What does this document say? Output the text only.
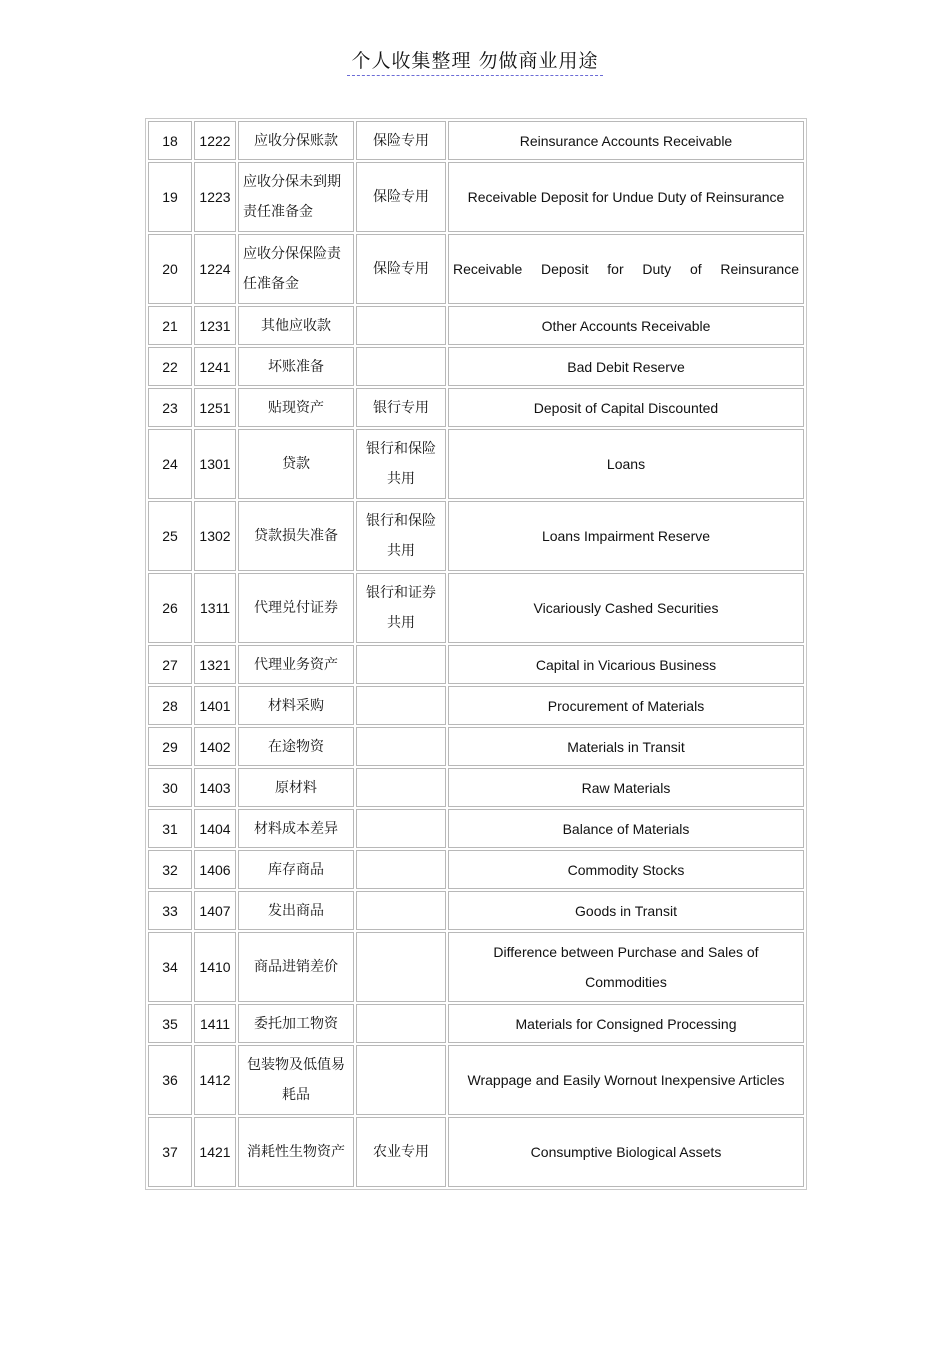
个人收集整理 勿做商业用途
18	1222	应收分保账款	保险专用	Reinsurance Accounts Receivable
19	1223	应收分保未到期责任准备金	保险专用	Receivable Deposit for Undue Duty of Reinsurance
20	1224	应收分保保险责任准备金	保险专用	Receivable Deposit for Duty of Reinsurance
21	1231	其他应收款		Other Accounts Receivable
22	1241	坏账准备		Bad Debit Reserve
23	1251	贴现资产	银行专用	Deposit of Capital Discounted
24	1301	贷款	银行和保险共用	Loans
25	1302	贷款损失准备	银行和保险共用	Loans Impairment Reserve
26	1311	代理兑付证券	银行和证券共用	Vicariously Cashed Securities
27	1321	代理业务资产		Capital in Vicarious Business
28	1401	材料采购		Procurement of Materials
29	1402	在途物资		Materials in Transit
30	1403	原材料		Raw Materials
31	1404	材料成本差异		Balance of Materials
32	1406	库存商品		Commodity Stocks
33	1407	发出商品		Goods in Transit
34	1410	商品进销差价		Difference between Purchase and Sales of Commodities
35	1411	委托加工物资		Materials for Consigned Processing
36	1412	包装物及低值易耗品		Wrappage and Easily Wornout Inexpensive Articles
37	1421	消耗性生物资产	农业专用	Consumptive Biological Assets
